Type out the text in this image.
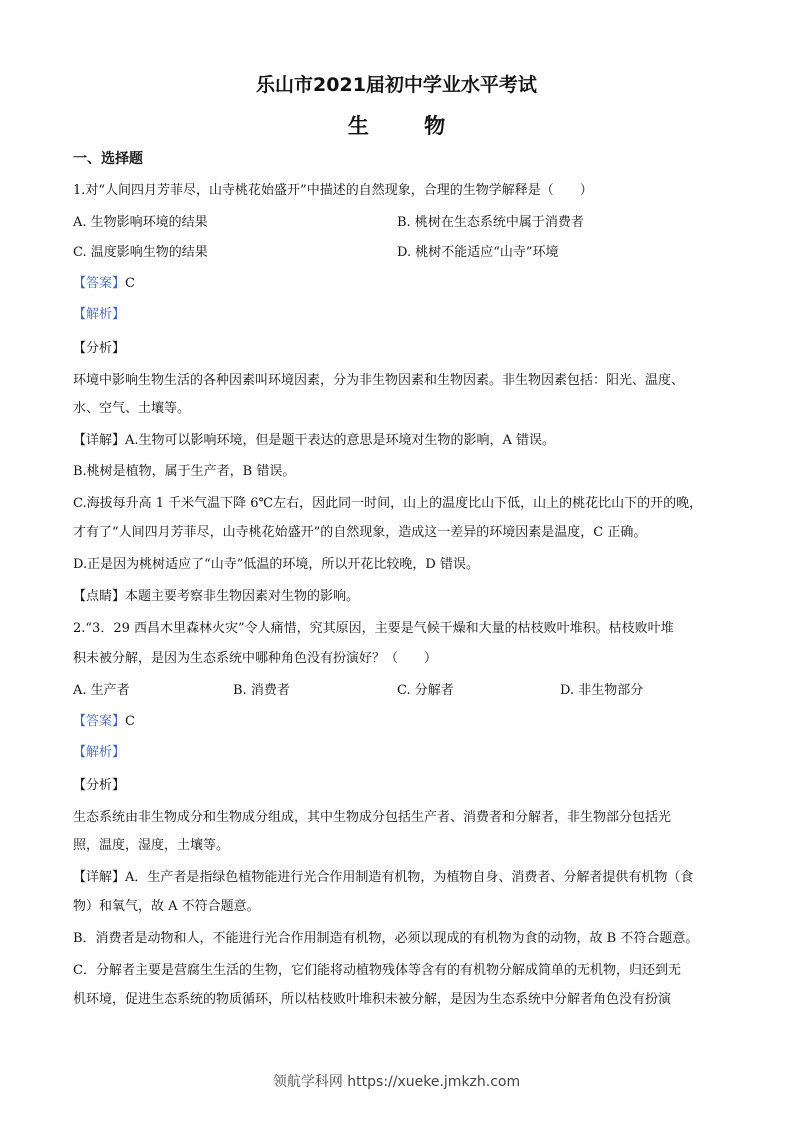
乐山市2021届初中学业水平考试
生 物
一、选择题
1.对“人间四月芳菲尽，山寺桃花始盛开”中描述的自然现象，合理的生物学解释是（　　）
A. 生物影响环境的结果	B. 桃树在生态系统中属于消费者
C. 温度影响生物的结果	D. 桃树不能适应“山寺”环境
【答案】C
【解析】
【分析】
环境中影响生物生活的各种因素叫环境因素，分为非生物因素和生物因素。非生物因素包括：阳光、温度、
水、空气、土壤等。
【详解】A.生物可以影响环境，但是题干表达的意思是环境对生物的影响，A 错误。
B.桃树是植物，属于生产者，B 错误。
C.海拔每升高 1 千米气温下降 6℃左右，因此同一时间，山上的温度比山下低，山上的桃花比山下的开的晚，
才有了“人间四月芳菲尽，山寺桃花始盛开”的自然现象，造成这一差异的环境因素是温度，C 正确。
D.正是因为桃树适应了“山寺”低温的环境，所以开花比较晚，D 错误。
【点睛】本题主要考察非生物因素对生物的影响。
2.“3．29 西昌木里森林火灾”令人痛惜，究其原因，主要是气候干燥和大量的枯枝败叶堆积。枯枝败叶堆
积未被分解，是因为生态系统中哪种角色没有扮演好？（　　）
A. 生产者	B. 消费者	C. 分解者	D. 非生物部分
【答案】C
【解析】
【分析】
生态系统由非生物成分和生物成分组成，其中生物成分包括生产者、消费者和分解者，非生物部分包括光
照，温度，湿度，土壤等。
【详解】A．生产者是指绿色植物能进行光合作用制造有机物，为植物自身、消费者、分解者提供有机物（食
物）和氧气，故 A 不符合题意。
B．消费者是动物和人，不能进行光合作用制造有机物，必须以现成的有机物为食的动物，故 B 不符合题意。
C．分解者主要是营腐生生活的生物，它们能将动植物残体等含有的有机物分解成简单的无机物，归还到无
机环境，促进生态系统的物质循环，所以枯枝败叶堆积未被分解，是因为生态系统中分解者角色没有扮演
领航学科网 https://xueke.jmkzh.com
